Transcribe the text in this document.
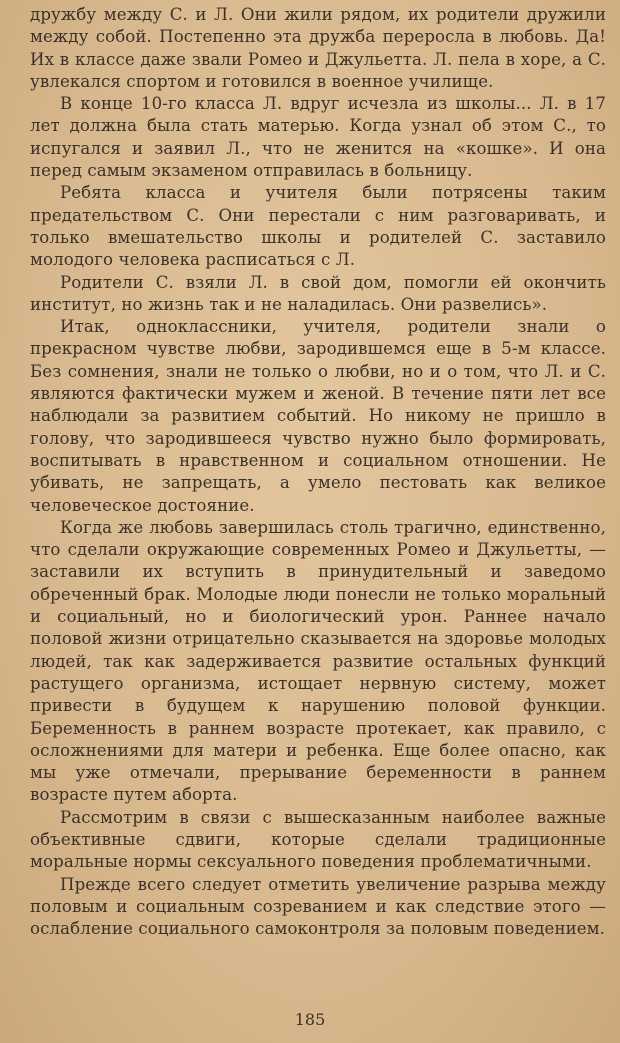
дружбу между С. и Л. Они жили рядом, их родители дружили между собой. Постепенно эта дружба переросла в любовь. Да! Их в классе даже звали Ромео и Джульетта. Л. пела в хоре, а С. увлекался спортом и готовился в военное училище.

В конце 10-го класса Л. вдруг исчезла из школы... Л. в 17 лет должна была стать матерью. Когда узнал об этом С., то испугался и заявил Л., что не женится на «кошке». И она перед самым экзаменом отправилась в больницу.

Ребята класса и учителя были потрясены таким предательством С. Они перестали с ним разговаривать, и только вмешательство школы и родителей С. заставило молодого человека расписаться с Л.

Родители С. взяли Л. в свой дом, помогли ей окончить институт, но жизнь так и не наладилась. Они развелись».

Итак, одноклассники, учителя, родители знали о прекрасном чувстве любви, зародившемся еще в 5-м классе. Без сомнения, знали не только о любви, но и о том, что Л. и С. являются фактически мужем и женой. В течение пяти лет все наблюдали за развитием событий. Но никому не пришло в голову, что зародившееся чувство нужно было формировать, воспитывать в нравственном и социальном отношении. Не убивать, не запрещать, а умело пестовать как великое человеческое достояние.

Когда же любовь завершилась столь трагично, единственно, что сделали окружающие современных Ромео и Джульетты, — заставили их вступить в принудительный и заведомо обреченный брак. Молодые люди понесли не только моральный и социальный, но и биологический урон. Раннее начало половой жизни отрицательно сказывается на здоровье молодых людей, так как задерживается развитие остальных функций растущего организма, истощает нервную систему, может привести в будущем к нарушению половой функции. Беременность в раннем возрасте протекает, как правило, с осложнениями для матери и ребенка. Еще более опасно, как мы уже отмечали, прерывание беременности в раннем возрасте путем аборта.

Рассмотрим в связи с вышесказанным наиболее важные объективные сдвиги, которые сделали традиционные моральные нормы сексуального поведения проблематичными.

Прежде всего следует отметить увеличение разрыва между половым и социальным созреванием и как следствие этого — ослабление социального самоконтроля за половым поведением.

185
